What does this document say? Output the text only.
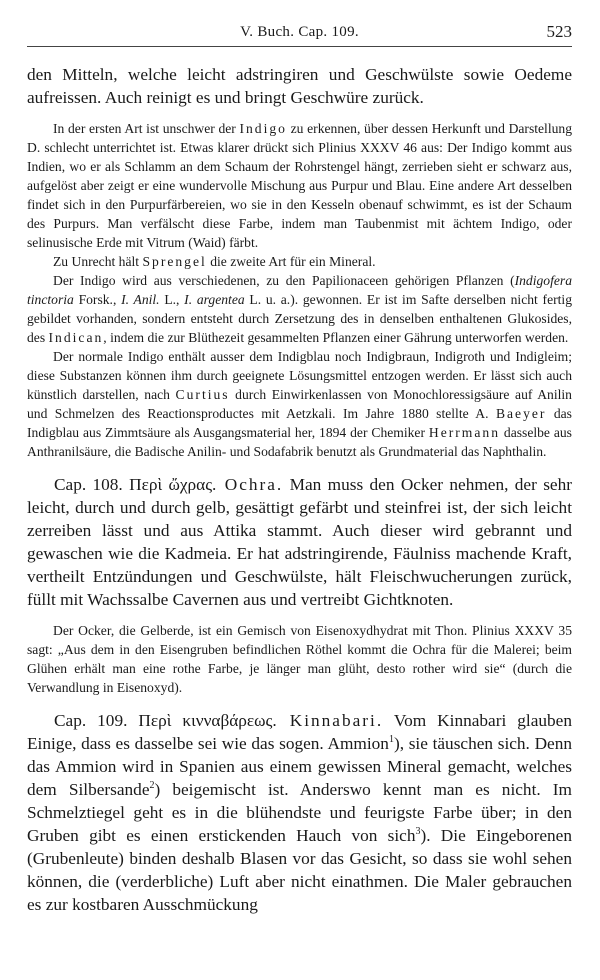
V. Buch. Cap. 109.	523

den Mitteln, welche leicht adstringiren und Geschwülste sowie Oedeme aufreissen. Auch reinigt es und bringt Geschwüre zurück.

In der ersten Art ist unschwer der Indigo zu erkennen, über dessen Herkunft und Darstellung D. schlecht unterrichtet ist. Etwas klarer drückt sich Plinius XXXV 46 aus: Der Indigo kommt aus Indien, wo er als Schlamm an dem Schaum der Rohrstengel hängt, zerrieben sieht er schwarz aus, aufgelöst aber zeigt er eine wundervolle Mischung aus Purpur und Blau. Eine andere Art desselben findet sich in den Purpurfärbereien, wo sie in den Kesseln obenauf schwimmt, es ist der Schaum des Purpurs. Man verfälscht diese Farbe, indem man Taubenmist mit ächtem Indigo, oder selinusische Erde mit Vitrum (Waid) färbt.

Zu Unrecht hält Sprengel die zweite Art für ein Mineral.

Der Indigo wird aus verschiedenen, zu den Papilionaceen gehörigen Pflanzen (Indigofera tinctoria Forsk., I. Anil. L., I. argentea L. u. a.). gewonnen. Er ist im Safte derselben nicht fertig gebildet vorhanden, sondern entsteht durch Zersetzung des in denselben enthaltenen Glukosides, des Indican, indem die zur Blüthezeit gesammelten Pflanzen einer Gährung unterworfen werden.

Der normale Indigo enthält ausser dem Indigblau noch Indigbraun, Indigroth und Indigleim; diese Substanzen können ihm durch geeignete Lösungsmittel entzogen werden. Er lässt sich auch künstlich darstellen, nach Curtius durch Einwirkenlassen von Monochloressigsäure auf Anilin und Schmelzen des Reactionsproductes mit Aetzkali. Im Jahre 1880 stellte A. Baeyer das Indigblau aus Zimmtsäure als Ausgangsmaterial her, 1894 der Chemiker Herrmann dasselbe aus Anthranilsäure, die Badische Anilin- und Sodafabrik benutzt als Grundmaterial das Naphthalin.

Cap. 108. Περὶ ὤχρας. Ochra. Man muss den Ocker nehmen, der sehr leicht, durch und durch gelb, gesättigt gefärbt und steinfrei ist, der sich leicht zerreiben lässt und aus Attika stammt. Auch dieser wird gebrannt und gewaschen wie die Kadmeia. Er hat adstringirende, Fäulniss machende Kraft, vertheilt Entzündungen und Geschwülste, hält Fleischwucherungen zurück, füllt mit Wachssalbe Cavernen aus und vertreibt Gichtknoten.

Der Ocker, die Gelberde, ist ein Gemisch von Eisenoxydhydrat mit Thon. Plinius XXXV 35 sagt: „Aus dem in den Eisengruben befindlichen Röthel kommt die Ochra für die Malerei; beim Glühen erhält man eine rothe Farbe, je länger man glüht, desto rother wird sie“ (durch die Verwandlung in Eisenoxyd).

Cap. 109. Περὶ κινναβάρεως. Kinnabari. Vom Kinnabari glauben Einige, dass es dasselbe sei wie das sogen. Ammion$^1$), sie täuschen sich. Denn das Ammion wird in Spanien aus einem gewissen Mineral gemacht, welches dem Silbersande$^2$) beigemischt ist. Anderswo kennt man es nicht. Im Schmelztiegel geht es in die blühendste und feurigste Farbe über; in den Gruben gibt es einen erstickenden Hauch von sich$^3$). Die Eingeborenen (Grubenleute) binden deshalb Blasen vor das Gesicht, so dass sie wohl sehen können, die (verderbliche) Luft aber nicht einathmen. Die Maler gebrauchen es zur kostbaren Ausschmückung
